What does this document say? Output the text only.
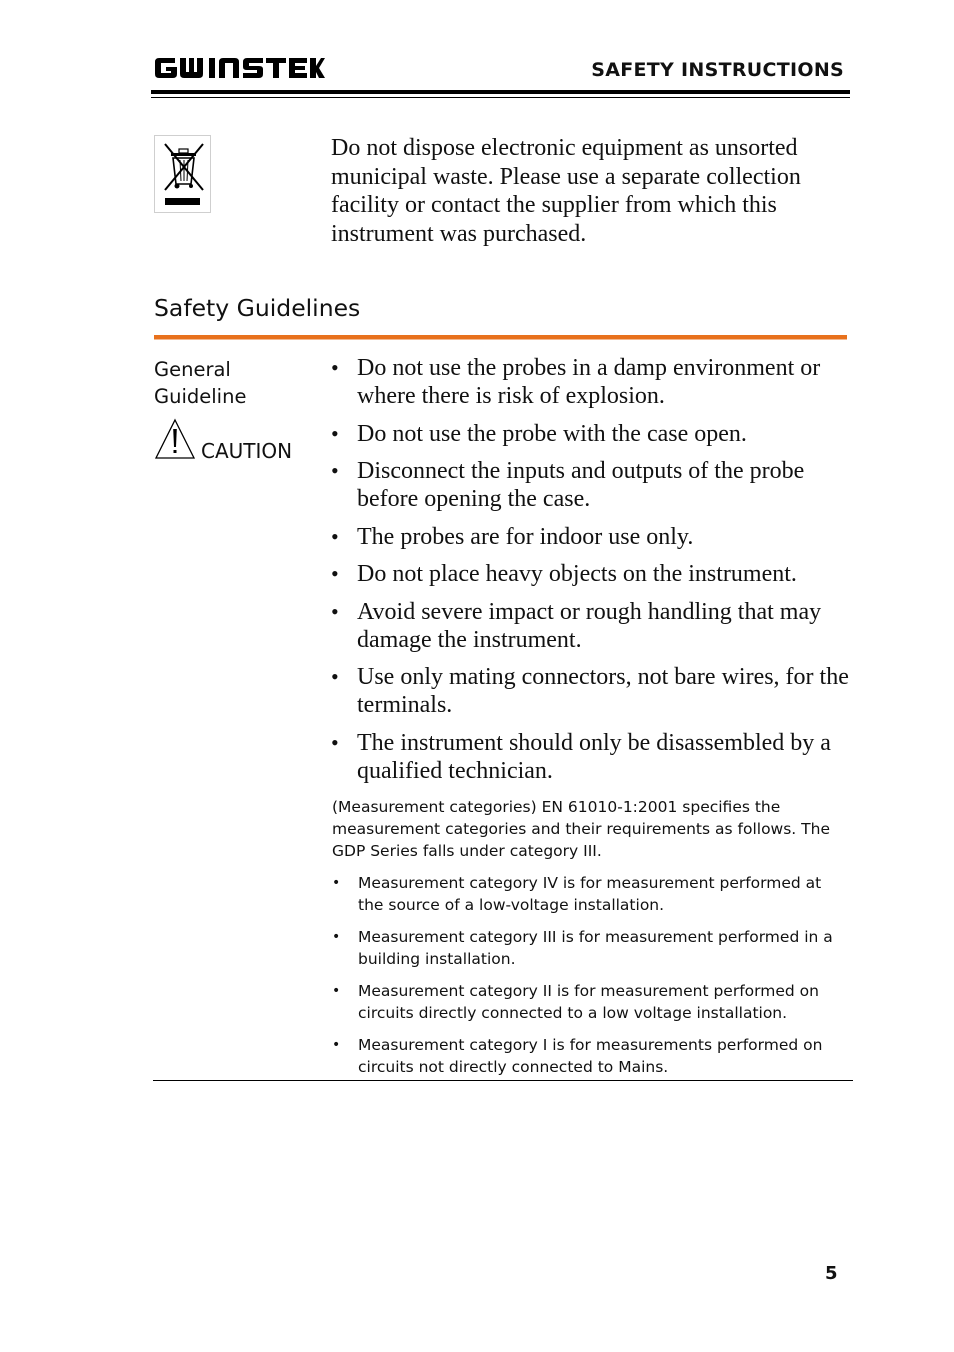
SAFETY INSTRUCTIONS

Do not dispose electronic equipment as unsorted municipal waste. Please use a separate collection facility or contact the supplier from which this instrument was purchased.

Safety Guidelines
General Guideline
CAUTION
• Do not use the probes in a damp environment or where there is risk of explosion.
• Do not use the probe with the case open.
• Disconnect the inputs and outputs of the probe before opening the case.
• The probes are for indoor use only.
• Do not place heavy objects on the instrument.
• Avoid severe impact or rough handling that may damage the instrument.
• Use only mating connectors, not bare wires, for the terminals.
• The instrument should only be disassembled by a qualified technician.

(Measurement categories) EN 61010-1:2001 specifies the measurement categories and their requirements as follows. The GDP Series falls under category III.

• Measurement category IV is for measurement performed at the source of a low-voltage installation.
• Measurement category III is for measurement performed in a building installation.
• Measurement category II is for measurement performed on circuits directly connected to a low voltage installation.
• Measurement category I is for measurements performed on circuits not directly connected to Mains.
5
